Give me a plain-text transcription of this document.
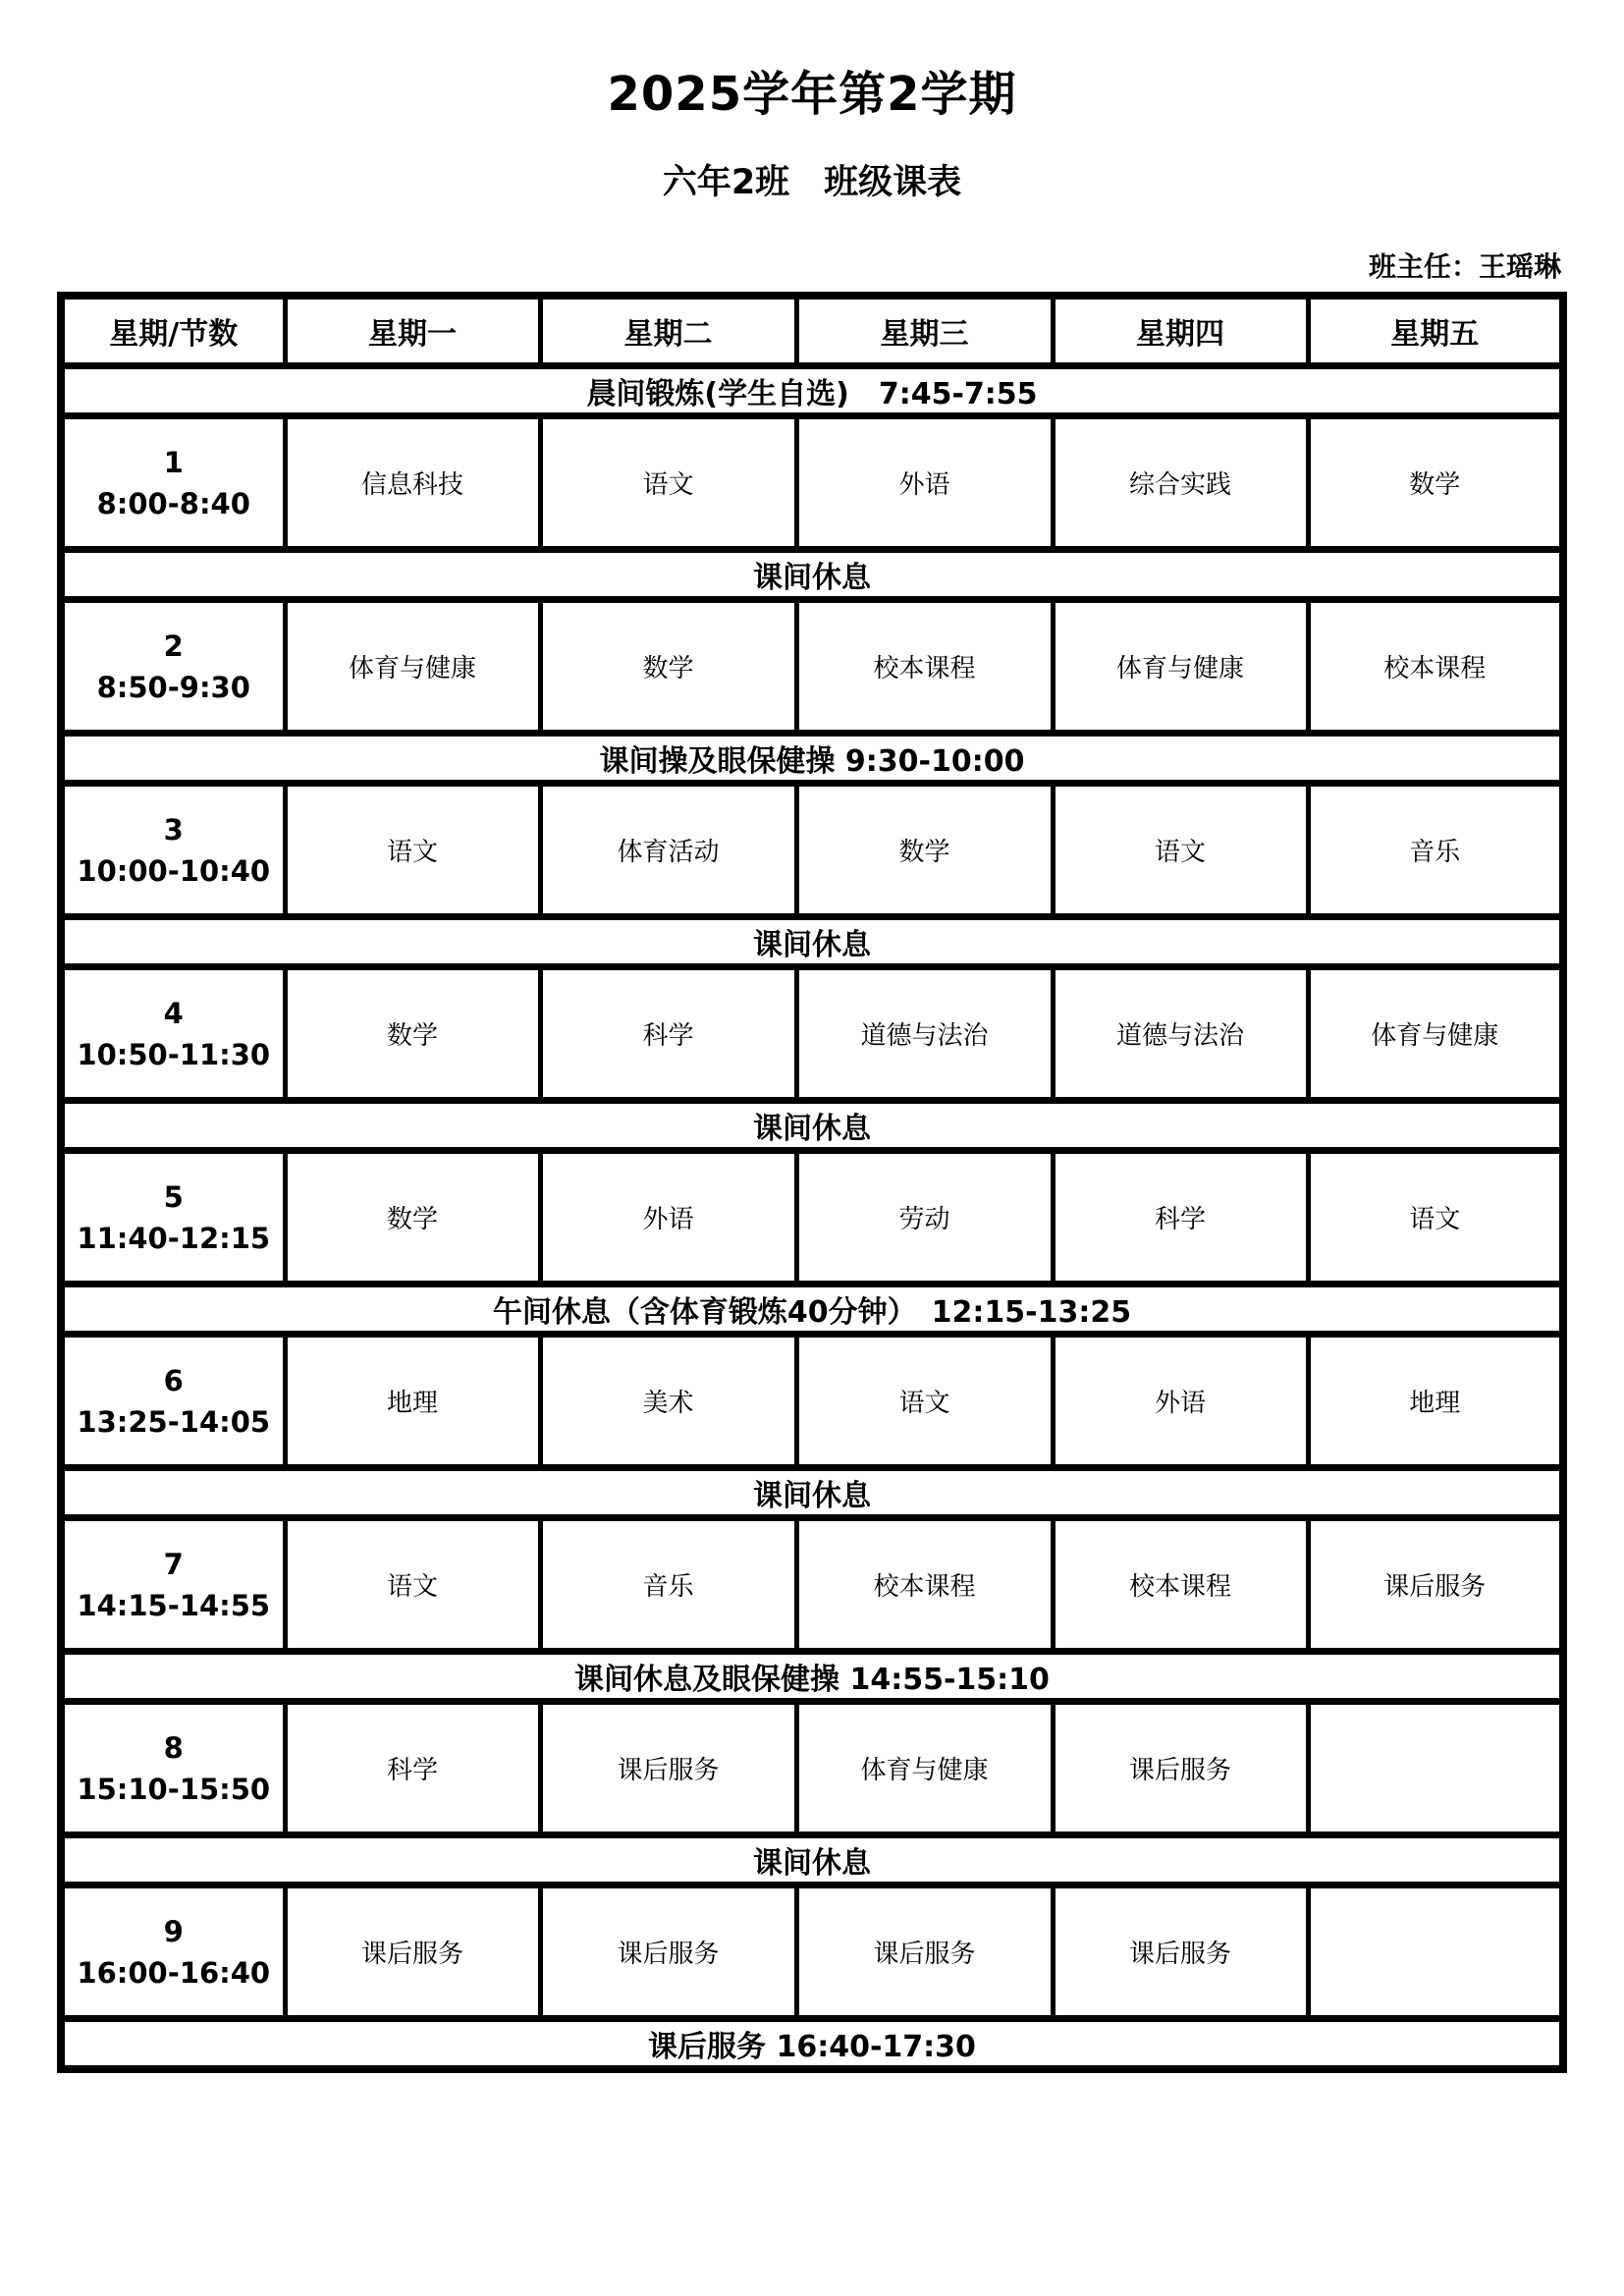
2025学年第2学期
六年2班　班级课表
班主任：王瑶琳
星期/节数	星期一	星期二	星期三	星期四	星期五
晨间锻炼(学生自选)　7:45-7:55					

1
8:00-8:40	信息科技	语文	外语	综合实践	数学
课间休息					

2
8:50-9:30	体育与健康	数学	校本课程	体育与健康	校本课程
课间操及眼保健操 9:30-10:00					

3
10:00-10:40	语文	体育活动	数学	语文	音乐
课间休息					

4
10:50-11:30	数学	科学	道德与法治	道德与法治	体育与健康
课间休息					

5
11:40-12:15	数学	外语	劳动	科学	语文
午间休息（含体育锻炼40分钟）　12:15-13:25					

6
13:25-14:05	地理	美术	语文	外语	地理
课间休息					

7
14:15-14:55	语文	音乐	校本课程	校本课程	课后服务
课间休息及眼保健操 14:55-15:10					

8
15:10-15:50	科学	课后服务	体育与健康	课后服务	
课间休息					

9
16:00-16:40	课后服务	课后服务	课后服务	课后服务	
课后服务 16:40-17:30					
